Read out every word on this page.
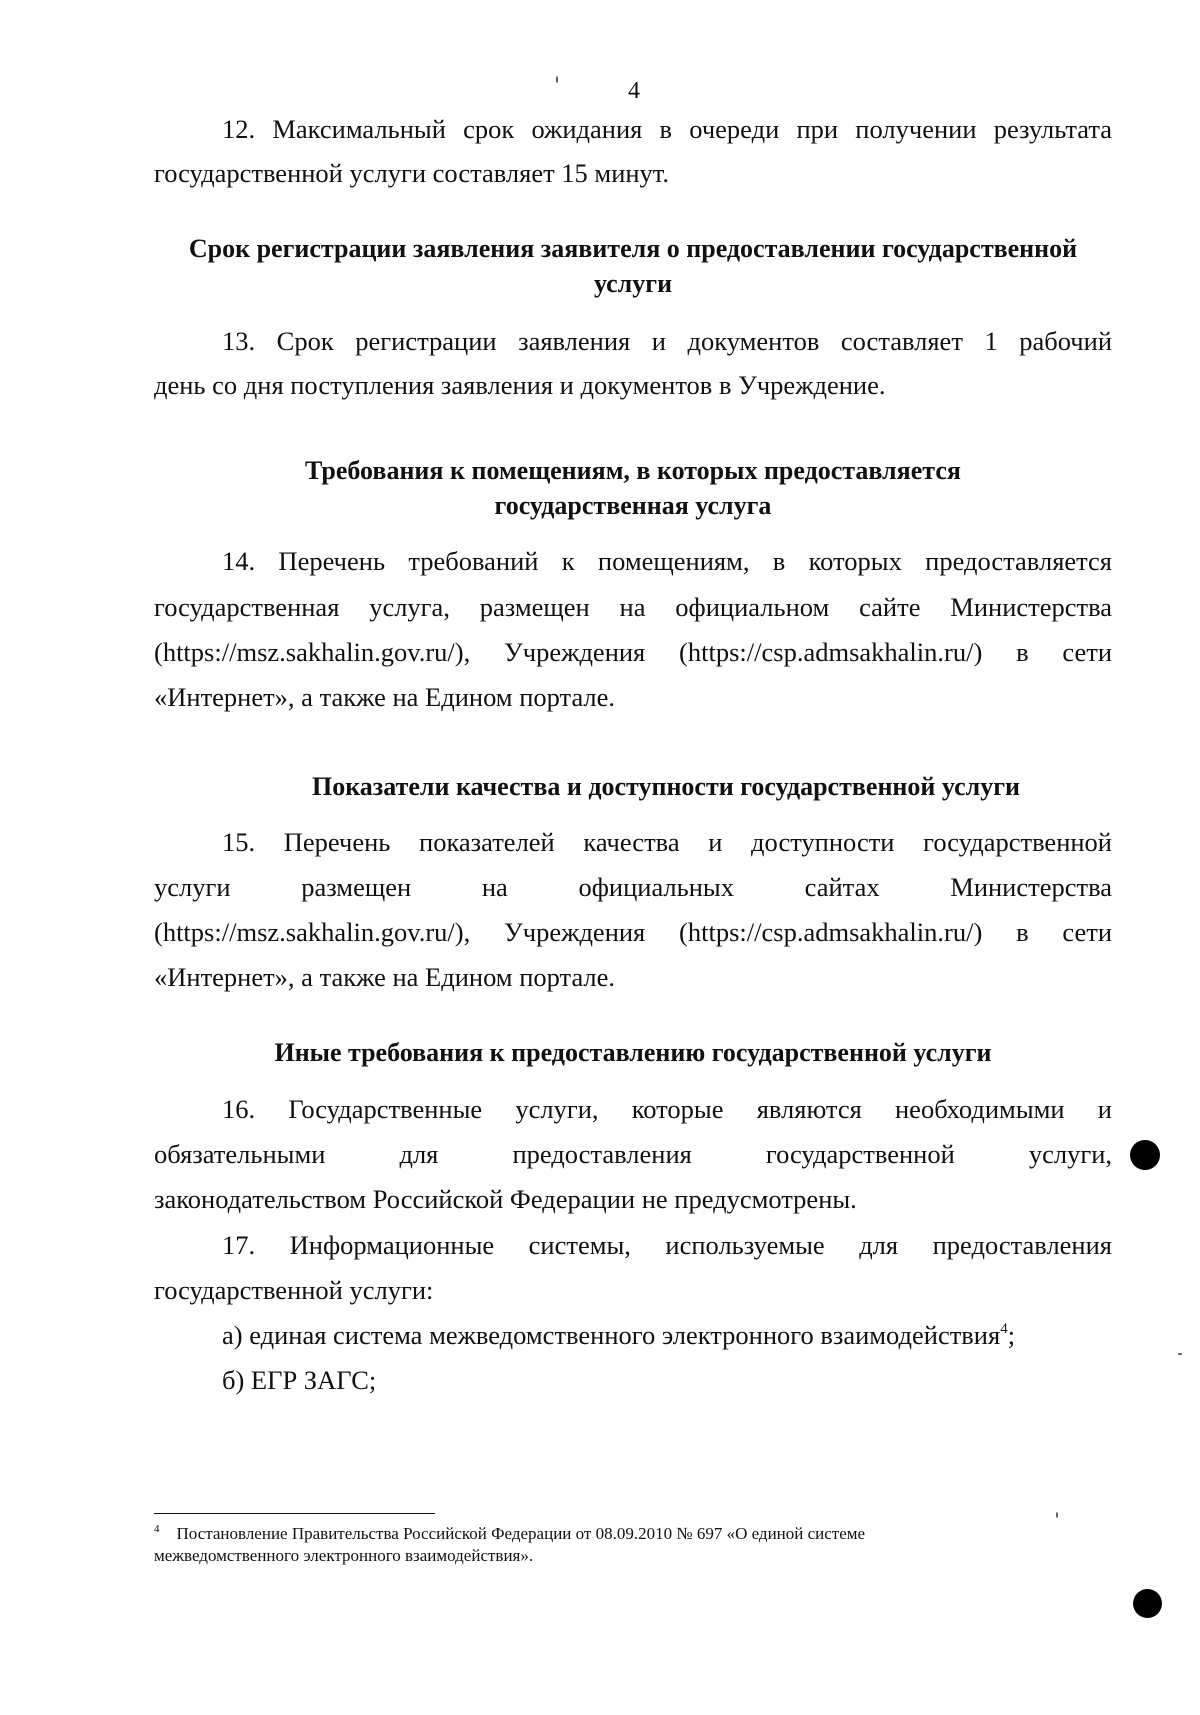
4
12. Максимальный срок ожидания в очереди при получении результата
государственной услуги составляет 15 минут.
Срок регистрации заявления заявителя о предоставлении государственной
услуги
13. Срок регистрации заявления и документов составляет 1 рабочий
день со дня поступления заявления и документов в Учреждение.
Требования к помещениям, в которых предоставляется
государственная услуга
14. Перечень требований к помещениям, в которых предоставляется
государственная услуга, размещен на официальном сайте Министерства
(https://msz.sakhalin.gov.ru/), Учреждения (https://csp.admsakhalin.ru/) в сети
«Интернет», а также на Едином портале.
Показатели качества и доступности государственной услуги
15. Перечень показателей качества и доступности государственной
услуги размещен на официальных сайтах Министерства
(https://msz.sakhalin.gov.ru/), Учреждения (https://csp.admsakhalin.ru/) в сети
«Интернет», а также на Едином портале.
Иные требования к предоставлению государственной услуги
16. Государственные услуги, которые являются необходимыми и
обязательными для предоставления государственной услуги,
законодательством Российской Федерации не предусмотрены.
17. Информационные системы, используемые для предоставления
государственной услуги:
а) единая система межведомственного электронного взаимодействия$^4$;
б) ЕГР ЗАГС;
$^4$ Постановление Правительства Российской Федерации от 08.09.2010 № 697 «О единой системе
межведомственного электронного взаимодействия».
